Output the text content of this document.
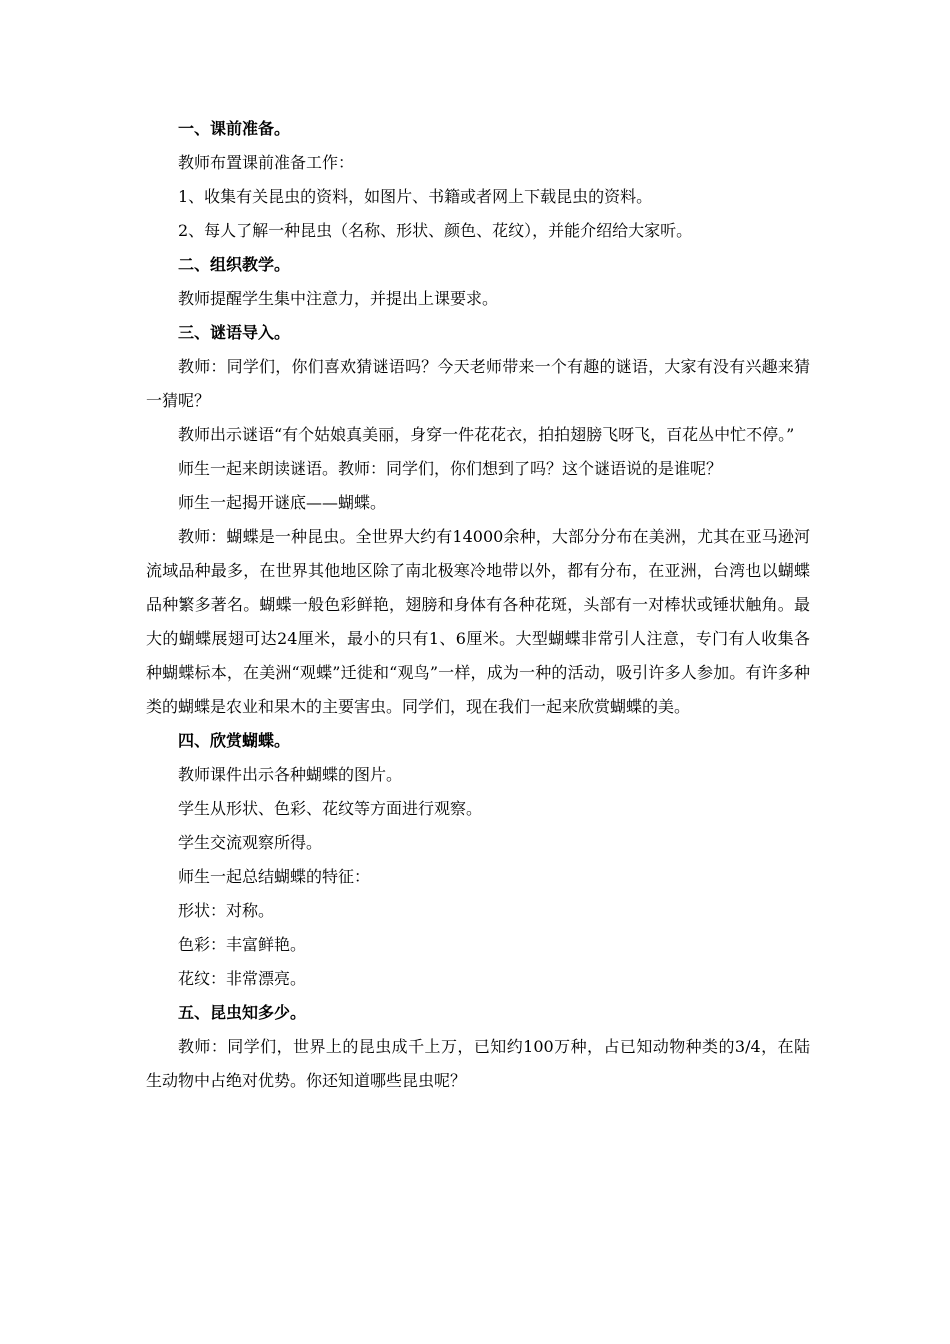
一、课前准备。

教师布置课前准备工作：

1、收集有关昆虫的资料，如图片、书籍或者网上下载昆虫的资料。

2、每人了解一种昆虫（名称、形状、颜色、花纹），并能介绍给大家听。

二、组织教学。

教师提醒学生集中注意力，并提出上课要求。

三、谜语导入。

教师：同学们，你们喜欢猜谜语吗？今天老师带来一个有趣的谜语，大家有没有兴趣来猜一猜呢？

教师出示谜语“有个姑娘真美丽，身穿一件花花衣，拍拍翅膀飞呀飞，百花丛中忙不停。”

师生一起来朗读谜语。教师：同学们，你们想到了吗？这个谜语说的是谁呢？

师生一起揭开谜底——蝴蝶。

教师：蝴蝶是一种昆虫。全世界大约有14000余种，大部分分布在美洲，尤其在亚马逊河流域品种最多，在世界其他地区除了南北极寒冷地带以外，都有分布，在亚洲，台湾也以蝴蝶品种繁多著名。蝴蝶一般色彩鲜艳，翅膀和身体有各种花斑，头部有一对棒状或锤状触角。最大的蝴蝶展翅可达24厘米，最小的只有1、6厘米。大型蝴蝶非常引人注意，专门有人收集各种蝴蝶标本，在美洲“观蝶”迁徙和“观鸟”一样，成为一种的活动，吸引许多人参加。有许多种类的蝴蝶是农业和果木的主要害虫。同学们，现在我们一起来欣赏蝴蝶的美。

四、欣赏蝴蝶。

教师课件出示各种蝴蝶的图片。

学生从形状、色彩、花纹等方面进行观察。

学生交流观察所得。

师生一起总结蝴蝶的特征：

形状：对称。

色彩：丰富鲜艳。

花纹：非常漂亮。

五、昆虫知多少。

教师：同学们，世界上的昆虫成千上万，已知约100万种，占已知动物种类的3/4，在陆生动物中占绝对优势。你还知道哪些昆虫呢？
